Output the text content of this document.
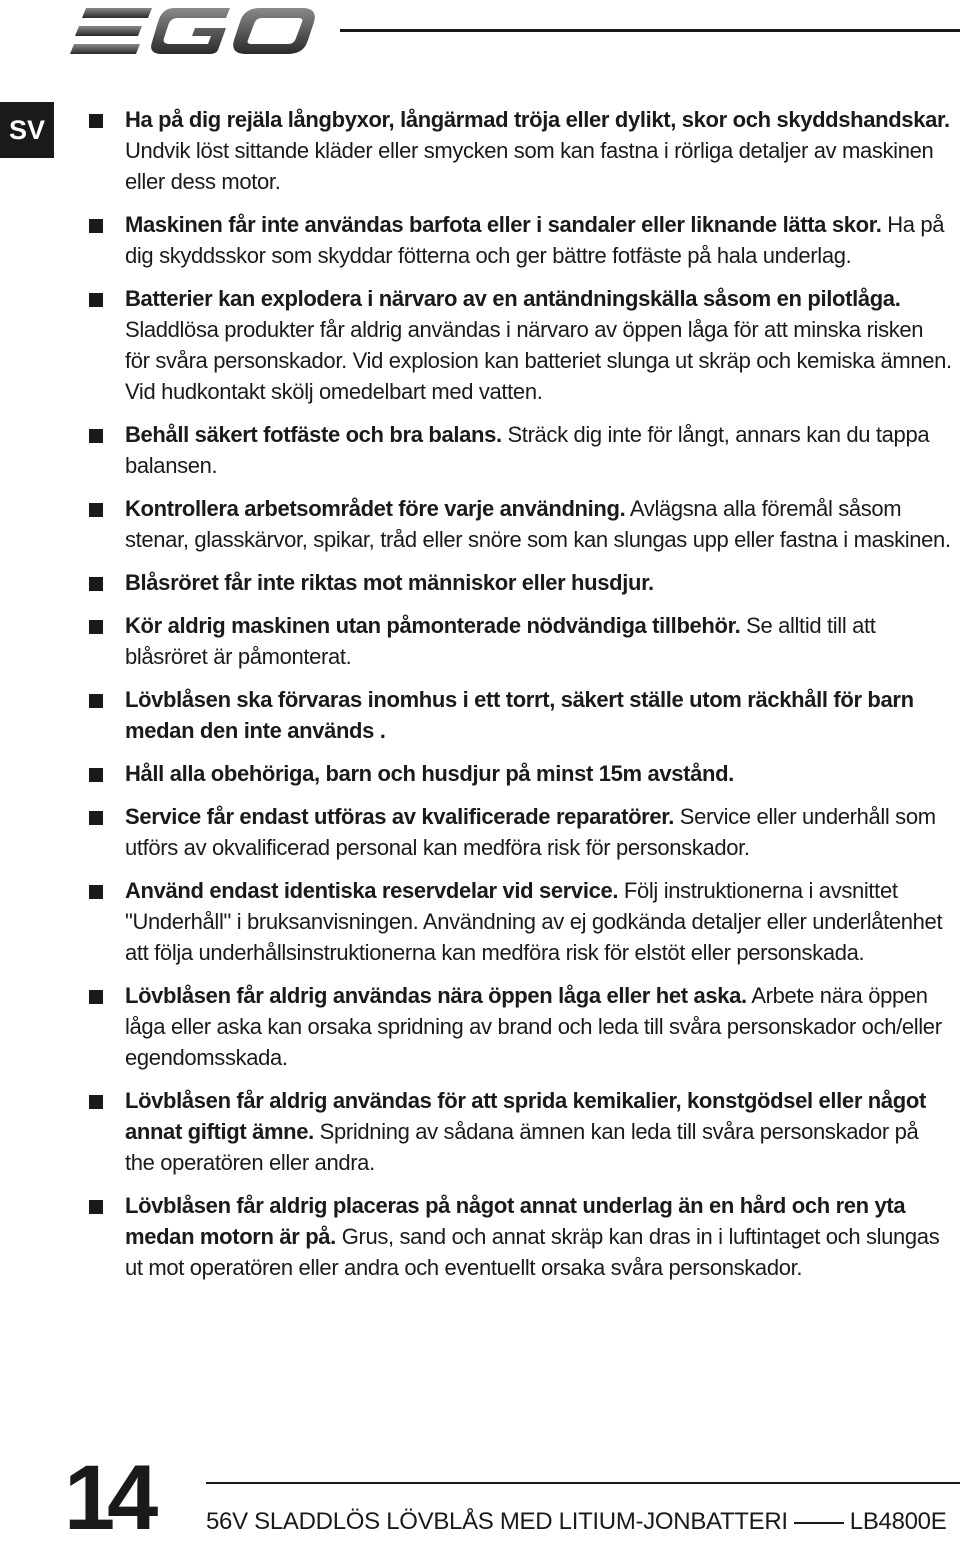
SV	Ha på dig rejäla långbyxor, långärmad tröja eller dylikt, skor och skyddshandskar. Undvik löst sittande kläder eller smycken som kan fastna i rörliga detaljer av maskinen eller dess motor.
Maskinen får inte användas barfota eller i sandaler eller liknande lätta skor. Ha på dig skyddsskor som skyddar fötterna och ger bättre fotfäste på hala underlag.
Batterier kan explodera i närvaro av en antändningskälla såsom en pilotlåga. Sladdlösa produkter får aldrig användas i närvaro av öppen låga för att minska risken för svåra personskador. Vid explosion kan batteriet slunga ut skräp och kemiska ämnen. Vid hudkontakt skölj omedelbart med vatten.
Behåll säkert fotfäste och bra balans. Sträck dig inte för långt, annars kan du tappa balansen.
Kontrollera arbetsområdet före varje användning. Avlägsna alla föremål såsom stenar, glasskärvor, spikar, tråd eller snöre som kan slungas upp eller fastna i maskinen.
Blåsröret får inte riktas mot människor eller husdjur.
Kör aldrig maskinen utan påmonterade nödvändiga tillbehör. Se alltid till att blåsröret är påmonterat.
Lövblåsen ska förvaras inomhus i ett torrt, säkert ställe utom räckhåll för barn medan den inte används .
Håll alla obehöriga, barn och husdjur på minst 15m avstånd.
Service får endast utföras av kvalificerade reparatörer. Service eller underhåll som utförs av okvalificerad personal kan medföra risk för personskador.
Använd endast identiska reservdelar vid service. Följ instruktionerna i avsnittet "Underhåll" i bruksanvisningen. Användning av ej godkända detaljer eller underlåtenhet att följa underhållsinstruktionerna kan medföra risk för elstöt eller personskada.
Lövblåsen får aldrig användas nära öppen låga eller het aska. Arbete nära öppen låga eller aska kan orsaka spridning av brand och leda till svåra personskador och/eller egendomsskada.
Lövblåsen får aldrig användas för att sprida kemikalier, konstgödsel eller något annat giftigt ämne. Spridning av sådana ämnen kan leda till svåra personskador på the operatören eller andra.
Lövblåsen får aldrig placeras på något annat underlag än en hård och ren yta medan motorn är på. Grus, sand och annat skräp kan dras in i luftintaget och slungas ut mot operatören eller andra och eventuellt orsaka svåra personskador.
14 56V SLADDLÖS LÖVBLÅS MED LITIUM-JONBATTERI	LB4800E
